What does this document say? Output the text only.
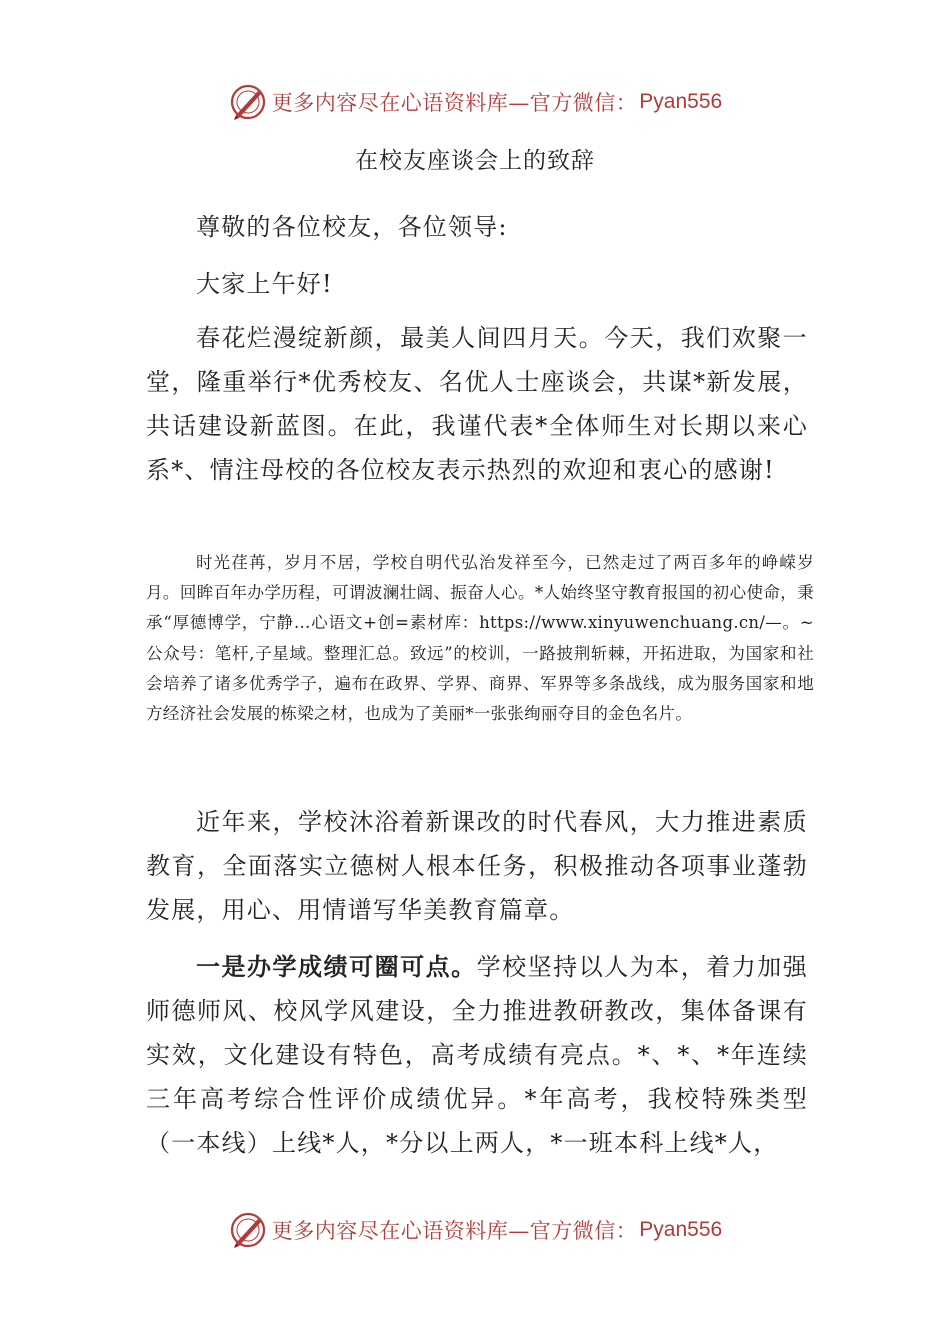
更多内容尽在心语资料库—官方微信： Pyan556
在校友座谈会上的致辞

尊敬的各位校友，各位领导:

大家上午好!

春花烂漫绽新颜，最美人间四月天。今天，我们欢聚一堂，隆重举行*优秀校友、名优人士座谈会，共谋*新发展，共话建设新蓝图。在此，我谨代表*全体师生对长期以来心系*、情注母校的各位校友表示热烈的欢迎和衷心的感谢!

时光荏苒，岁月不居，学校自明代弘治发祥至今，已然走过了两百多年的峥嵘岁月。回眸百年办学历程，可谓波澜壮阔、振奋人心。*人始终坚守教育报国的初心使命，秉承“厚德博学，宁静…心语文+创=素材库：https://www.xinyuwenchuang.cn/—。~公众号：笔杆,子星域。整理汇总。致远”的校训，一路披荆斩棘，开拓进取，为国家和社会培养了诸多优秀学子，遍布在政界、学界、商界、军界等多条战线，成为服务国家和地方经济社会发展的栋梁之材，也成为了美丽*一张张绚丽夺目的金色名片。

近年来，学校沐浴着新课改的时代春风，大力推进素质教育，全面落实立德树人根本任务，积极推动各项事业蓬勃发展，用心、用情谱写华美教育篇章。

一是办学成绩可圈可点。学校坚持以人为本，着力加强师德师风、校风学风建设，全力推进教研教改，集体备课有实效，文化建设有特色，高考成绩有亮点。*、*、*年连续三年高考综合性评价成绩优异。*年高考，我校特殊类型（一本线）上线*人，*分以上两人，*一班本科上线*人，

更多内容尽在心语资料库—官方微信： Pyan556
